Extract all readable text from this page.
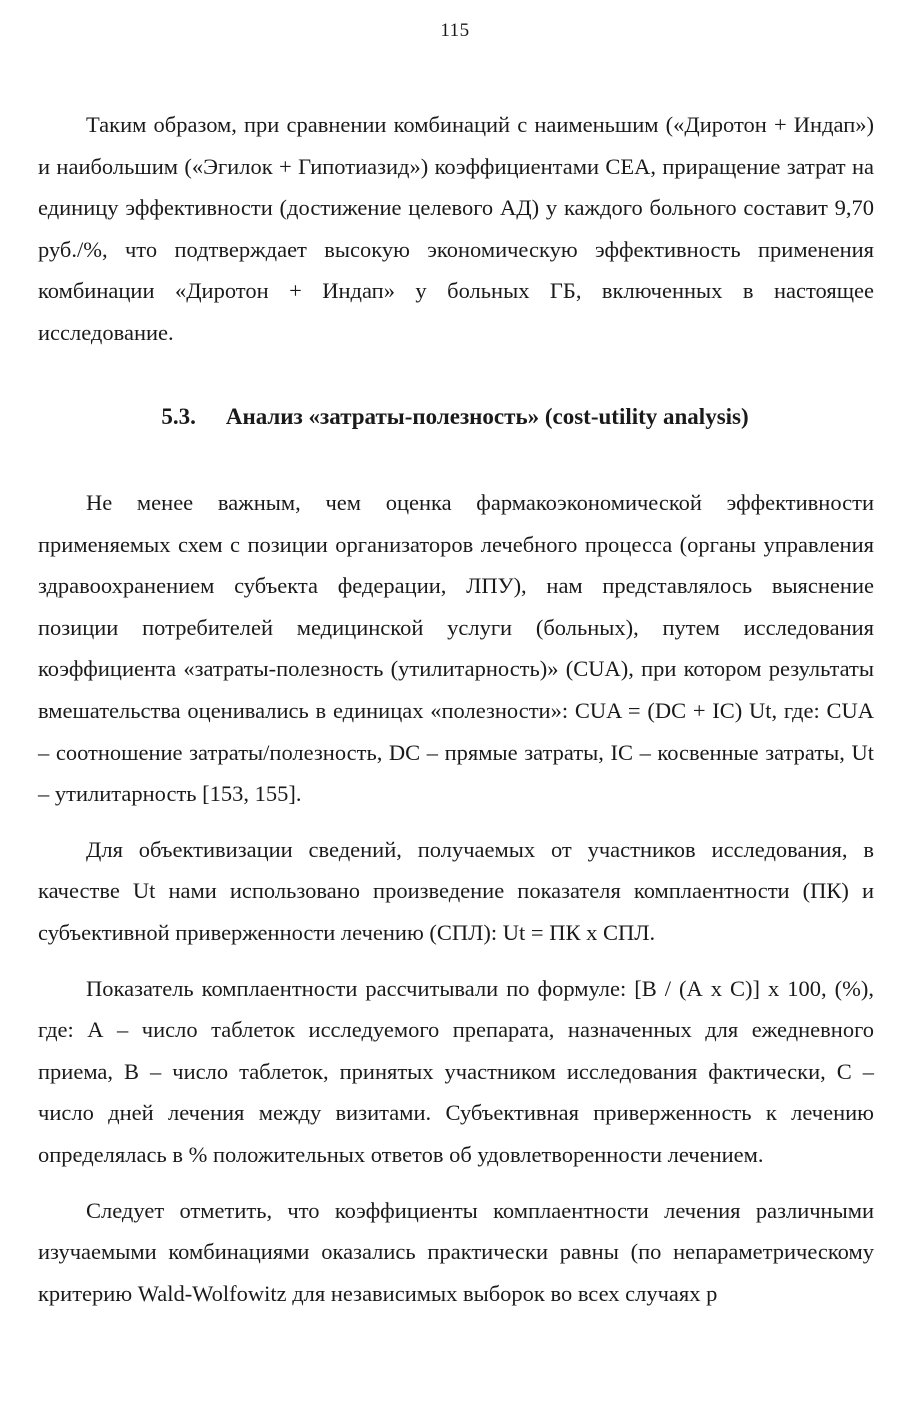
115

Таким образом, при сравнении комбинаций с наименьшим («Диротон + Индап») и наибольшим («Эгилок + Гипотиазид») коэффициентами СЕА, приращение затрат на единицу эффективности (достижение целевого АД) у каждого больного составит 9,70 руб./%, что подтверждает высокую экономическую эффективность применения комбинации «Диротон + Индап» у больных ГБ, включенных в настоящее исследование.

5.3. Анализ «затраты-полезность» (cost-utility analysis)

Не менее важным, чем оценка фармакоэкономической эффективности применяемых схем с позиции организаторов лечебного процесса (органы управления здравоохранением субъекта федерации, ЛПУ), нам представлялось выяснение позиции потребителей медицинской услуги (больных), путем исследования коэффициента «затраты-полезность (утилитарность)» (CUA), при котором результаты вмешательства оценивались в единицах «полезности»: CUA = (DC + IC) Ut, где: CUA – соотношение затраты/полезность, DC – прямые затраты, IC – косвенные затраты, Ut – утилитарность [153, 155].

Для объективизации сведений, получаемых от участников исследования, в качестве Ut нами использовано произведение показателя комплаентности (ПК) и субъективной приверженности лечению (СПЛ): Ut = ПК х СПЛ.

Показатель комплаентности рассчитывали по формуле: [В / (А х С)] х 100, (%), где: А – число таблеток исследуемого препарата, назначенных для ежедневного приема, В – число таблеток, принятых участником исследования фактически, С – число дней лечения между визитами. Субъективная приверженность к лечению определялась в % положительных ответов об удовлетворенности лечением.

Следует отметить, что коэффициенты комплаентности лечения различными изучаемыми комбинациями оказались практически равны (по непараметрическому критерию Wald-Wolfowitz для независимых выборок во всех случаях р
